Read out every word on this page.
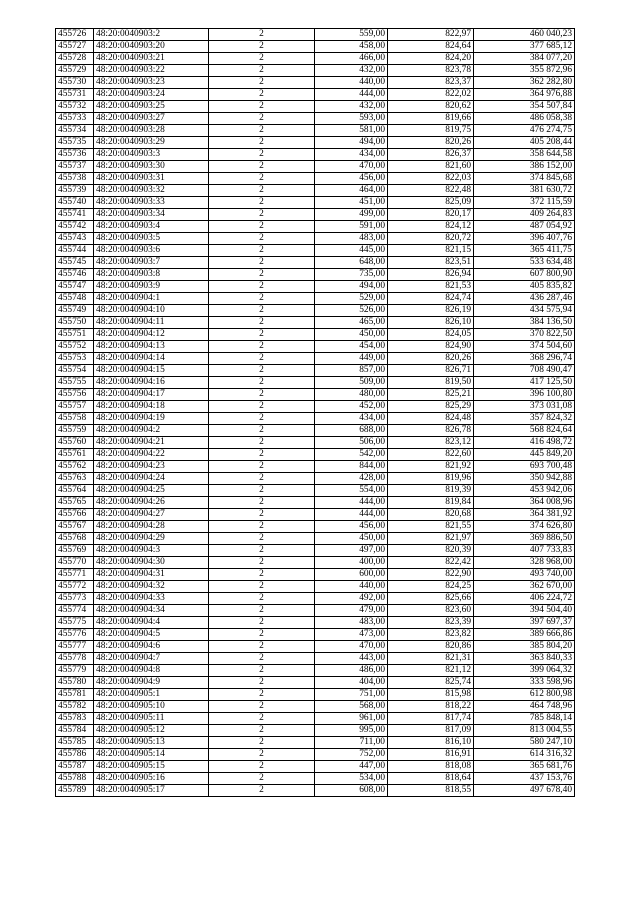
455726	48:20:0040903:2	2	559,00	822,97	460 040,23
455727	48:20:0040903:20	2	458,00	824,64	377 685,12
455728	48:20:0040903:21	2	466,00	824,20	384 077,20
455729	48:20:0040903:22	2	432,00	823,78	355 872,96
455730	48:20:0040903:23	2	440,00	823,37	362 282,80
455731	48:20:0040903:24	2	444,00	822,02	364 976,88
455732	48:20:0040903:25	2	432,00	820,62	354 507,84
455733	48:20:0040903:27	2	593,00	819,66	486 058,38
455734	48:20:0040903:28	2	581,00	819,75	476 274,75
455735	48:20:0040903:29	2	494,00	820,26	405 208,44
455736	48:20:0040903:3	2	434,00	826,37	358 644,58
455737	48:20:0040903:30	2	470,00	821,60	386 152,00
455738	48:20:0040903:31	2	456,00	822,03	374 845,68
455739	48:20:0040903:32	2	464,00	822,48	381 630,72
455740	48:20:0040903:33	2	451,00	825,09	372 115,59
455741	48:20:0040903:34	2	499,00	820,17	409 264,83
455742	48:20:0040903:4	2	591,00	824,12	487 054,92
455743	48:20:0040903:5	2	483,00	820,72	396 407,76
455744	48:20:0040903:6	2	445,00	821,15	365 411,75
455745	48:20:0040903:7	2	648,00	823,51	533 634,48
455746	48:20:0040903:8	2	735,00	826,94	607 800,90
455747	48:20:0040903:9	2	494,00	821,53	405 835,82
455748	48:20:0040904:1	2	529,00	824,74	436 287,46
455749	48:20:0040904:10	2	526,00	826,19	434 575,94
455750	48:20:0040904:11	2	465,00	826,10	384 136,50
455751	48:20:0040904:12	2	450,00	824,05	370 822,50
455752	48:20:0040904:13	2	454,00	824,90	374 504,60
455753	48:20:0040904:14	2	449,00	820,26	368 296,74
455754	48:20:0040904:15	2	857,00	826,71	708 490,47
455755	48:20:0040904:16	2	509,00	819,50	417 125,50
455756	48:20:0040904:17	2	480,00	825,21	396 100,80
455757	48:20:0040904:18	2	452,00	825,29	373 031,08
455758	48:20:0040904:19	2	434,00	824,48	357 824,32
455759	48:20:0040904:2	2	688,00	826,78	568 824,64
455760	48:20:0040904:21	2	506,00	823,12	416 498,72
455761	48:20:0040904:22	2	542,00	822,60	445 849,20
455762	48:20:0040904:23	2	844,00	821,92	693 700,48
455763	48:20:0040904:24	2	428,00	819,96	350 942,88
455764	48:20:0040904:25	2	554,00	819,39	453 942,06
455765	48:20:0040904:26	2	444,00	819,84	364 008,96
455766	48:20:0040904:27	2	444,00	820,68	364 381,92
455767	48:20:0040904:28	2	456,00	821,55	374 626,80
455768	48:20:0040904:29	2	450,00	821,97	369 886,50
455769	48:20:0040904:3	2	497,00	820,39	407 733,83
455770	48:20:0040904:30	2	400,00	822,42	328 968,00
455771	48:20:0040904:31	2	600,00	822,90	493 740,00
455772	48:20:0040904:32	2	440,00	824,25	362 670,00
455773	48:20:0040904:33	2	492,00	825,66	406 224,72
455774	48:20:0040904:34	2	479,00	823,60	394 504,40
455775	48:20:0040904:4	2	483,00	823,39	397 697,37
455776	48:20:0040904:5	2	473,00	823,82	389 666,86
455777	48:20:0040904:6	2	470,00	820,86	385 804,20
455778	48:20:0040904:7	2	443,00	821,31	363 840,33
455779	48:20:0040904:8	2	486,00	821,12	399 064,32
455780	48:20:0040904:9	2	404,00	825,74	333 598,96
455781	48:20:0040905:1	2	751,00	815,98	612 800,98
455782	48:20:0040905:10	2	568,00	818,22	464 748,96
455783	48:20:0040905:11	2	961,00	817,74	785 848,14
455784	48:20:0040905:12	2	995,00	817,09	813 004,55
455785	48:20:0040905:13	2	711,00	816,10	580 247,10
455786	48:20:0040905:14	2	752,00	816,91	614 316,32
455787	48:20:0040905:15	2	447,00	818,08	365 681,76
455788	48:20:0040905:16	2	534,00	818,64	437 153,76
455789	48:20:0040905:17	2	608,00	818,55	497 678,40
